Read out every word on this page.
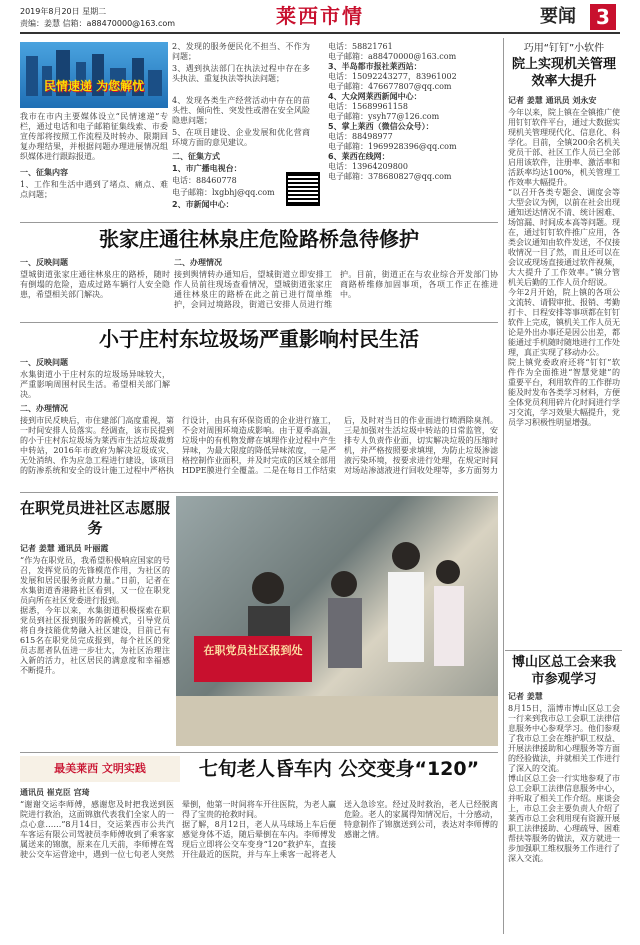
2019年8月20日 星期二
责编：姜慧 信箱：a88470000@163.com	莱西市情	要闻	3
民情速递 为您解忧
我市在市内主要媒体设立“民情速递”专栏，通过电话和电子邮箱征集线索、市委宣传部将按照工作流程及时转办、限期回复办理结果，并根据问题办理进展情况组织媒体进行跟踪报道。
一、征集内容
1、工作和生活中遇到了堵点、痛点、难点问题；
2、发现的服务便民化不担当、不作为问题；
3、遇到执法部门在执法过程中存在多头执法、重复执法等执法问题；
4、发现各类生产经营活动中存在的苗头性、倾向性、突发性或潜在安全风险隐患问题；
5、在项目建设、企业发展和优化营商环境方面的意见建议。
二、征集方式
1、市广播电视台：
电话：88460778
电子邮箱：lxgbhj@qq.com
2、市新闻中心：
电话：58821761
电子邮箱：a88470000@163.com
3、半岛都市报社莱西站：
电话：15092243277，83961002
电子邮箱：476677807@qq.com
4、大众网莱西新闻中心：
电话：15689961158
电子邮箱：ysyh77@126.com
5、掌上莱西（微信公众号）：
电话：88498977
电子邮箱：1969928396@qq.com
6、莱西在线网：
电话：13964209800
电子邮箱：378680827@qq.com
巧用“钉钉”小软件
院上实现机关管理效率大提升
记者 姜慧 通讯员 刘永安

今年以来，院上镇在全镇推广使用钉钉软件平台，通过大数据实现机关管理现代化、信息化、科学化。目前，全镇200余名机关党员干部、社区工作人员已全部启用该软件，注册率、激活率和活跃率均达100%，机关管理工作效率大幅提升。

“以召开各类专题会、调度会等大型会议为例，以前在社会出现通知送达情况不清、统计困难、场馆漏、时间成本高等问题。现在，通过钉钉软件推广应用，各类会议通知由软件发送，不仅接收情况一目了然，而且还可以在会议或现场直接通过软件视频，大大提升了工作效率。”镇分管机关后勤的工作人员介绍说。

今年2月开始，院上镇的各项公文流转、请假审批、报销、考勤打卡、日程安排等事项都在钉钉软件上完成，镇机关工作人员无论是外出办事还是因公出差，都能通过手机随时随地进行工作处理，真正实现了移动办公。

院上镇党委政府还将“钉钉”软件作为全面推进“智慧党建”的重要平台，利用软件的工作群功能及时发布各类学习材料，方便全体党员利用碎片化时间进行学习交流，学习效果大幅提升，党员学习积极性明显增强。

博山区总工会来我市参观学习
记者 姜慧

8月15日，淄博市博山区总工会一行来到我市总工会职工法律信息服务中心参观学习。他们参观了我市总工会在维护职工权益、开展法律援助和心理服务等方面的经验做法，并就相关工作进行了深入的交流。

博山区总工会一行实地参观了市总工会职工法律信息服务中心，并听取了相关工作介绍。座谈会上，市总工会主要负责人介绍了莱西市总工会利用现有资源开展职工法律援助、心理疏导、困难帮扶等服务的做法，双方就进一步加强职工维权服务工作进行了深入交流。

张家庄通往林泉庄危险路桥急待修护
一、反映问题
望城街道张家庄通往林泉庄的路桥，随时有倒塌的危险，造成过路车辆行人安全隐患，希望相关部门解决。
二、办理情况
接到舆情转办通知后，望城街道立即安排工作人员前往现场查看情况，望城街道张家庄通往林泉庄的路桥在此之前已进行简单维护，会同过境路段，街道已安排人员进行维护。目前，街道正在与农业综合开发部门协商路桥维修加固事项，各项工作正在推进中。
小于庄村东垃圾场严重影响村民生活
一、反映问题
水集街道小于庄村东的垃圾场异味较大，严重影响周围村民生活。希望相关部门解决。
二、办理情况
接到市民反映后，市住建部门高度重视，第一时间安排人员落实。经调查，该市民提到的小于庄村东垃圾场为莱西市生活垃圾裁剪中转站，2016年市政府为解决垃圾成灾、无处消纳、作为应急工程进行建设，该项目的防渗系统和安全的设计施工过程中严格执行设计，由具有环保资质的企业进行施工，不会对周围环境造成影响。由于夏季高温，垃圾中的有机物发酵在填埋作业过程中产生异味，为最大限度的降低异味浓度，一是严格控制作业面积，并及时完成的区域全部用HDPE膜进行全覆盖。二是在每日工作结束后，及时对当日的作业面进行喷洒除臭剂。三是加强对生活垃圾中转站的日常监管，安排专人负责作业面，切实解决垃圾的压缩时机，并严格按照要求填埋，为防止垃圾渗滤液污染环境，按要求进行处理，在规定时间对场站渗滤液进行回收处理等，多方面努力
在职党员进社区志愿服务
记者 姜慧 通讯员 叶丽霞

“作为在职党员，我希望积极响应国家的号召，发挥党员的先锋模范作用，为社区的发展和居民服务贡献力量。”日前，记者在水集街道香港路社区看到，又一位在职党员向所在社区党委进行报到。

据悉，今年以来，水集街道积极探索在职党员到社区报到服务的新模式，引导党员将自身技能优势融入社区建设，目前已有615名在职党员完成报到，每个社区的党员志愿者队伍进一步壮大，为社区治理注入新的活力，社区居民的满意度和幸福感不断提升。

在职党员社区报到处
最美莱西 文明实践	七旬老人昏车内 公交变身“120”
通讯员 崔克臣 宫琦

“谢谢交运李师傅，感谢您及时把我送到医院进行救治，这面锦旗代表我们全家人的一点心意……”8月14日，交运莱西市公共汽车客运有限公司驾驶员李师傅收到了乘客家属送来的锦旗，原来在几天前，李师傅在驾驶公交车运营途中，遇到一位七旬老人突然晕倒，他第一时间将车开往医院，为老人赢得了宝贵的抢救时间。

据了解，8月12日，老人从马球场上车后便感觉身体不适，随后晕倒在车内。李师傅发现后立即将公交车变身“120”救护车，直接开往最近的医院，并与车上乘客一起将老人送入急诊室。经过及时救治，老人已经脱离危险。老人的家属得知情况后，十分感动，特意制作了锦旗送到公司，表达对李师傅的感谢之情。
